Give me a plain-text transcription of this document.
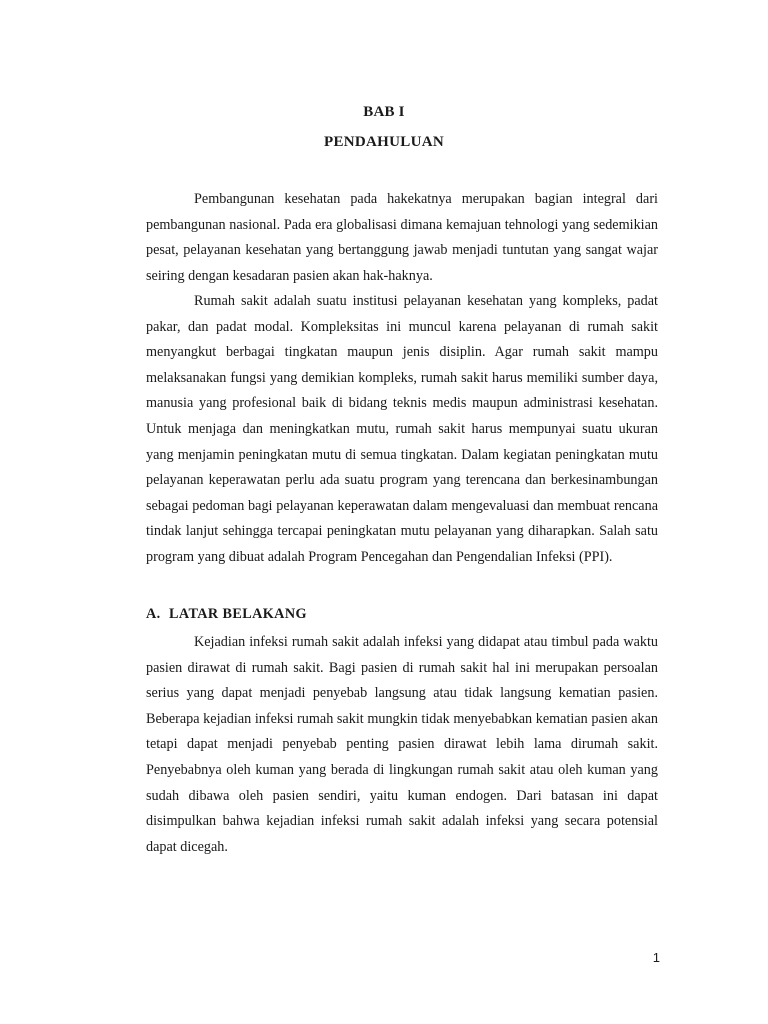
BAB I
PENDAHULUAN

Pembangunan kesehatan pada hakekatnya merupakan bagian integral dari pembangunan nasional. Pada era globalisasi dimana kemajuan tehnologi yang sedemikian pesat, pelayanan kesehatan yang bertanggung jawab menjadi tuntutan yang sangat wajar seiring dengan kesadaran pasien akan hak-haknya.

Rumah sakit adalah suatu institusi pelayanan kesehatan yang kompleks, padat pakar, dan padat modal. Kompleksitas ini muncul karena pelayanan di rumah sakit menyangkut berbagai tingkatan maupun jenis disiplin. Agar rumah sakit mampu melaksanakan fungsi yang demikian kompleks, rumah sakit harus memiliki sumber daya, manusia yang profesional baik di bidang teknis medis maupun administrasi kesehatan. Untuk menjaga dan meningkatkan mutu, rumah sakit harus mempunyai suatu ukuran yang menjamin peningkatan mutu di semua tingkatan. Dalam kegiatan peningkatan mutu pelayanan keperawatan perlu ada suatu program yang terencana dan berkesinambungan sebagai pedoman bagi pelayanan keperawatan dalam mengevaluasi dan membuat rencana tindak lanjut sehingga tercapai peningkatan mutu pelayanan yang diharapkan. Salah satu program yang dibuat adalah Program Pencegahan dan Pengendalian Infeksi (PPI).

A. LATAR BELAKANG

Kejadian infeksi rumah sakit adalah infeksi yang didapat atau timbul pada waktu pasien dirawat di rumah sakit. Bagi pasien di rumah sakit hal ini merupakan persoalan serius yang dapat menjadi penyebab langsung atau tidak langsung kematian pasien. Beberapa kejadian infeksi rumah sakit mungkin tidak menyebabkan kematian pasien akan tetapi dapat menjadi penyebab penting pasien dirawat lebih lama dirumah sakit. Penyebabnya oleh kuman yang berada di lingkungan rumah sakit atau oleh kuman yang sudah dibawa oleh pasien sendiri, yaitu kuman endogen. Dari batasan ini dapat disimpulkan bahwa kejadian infeksi rumah sakit adalah infeksi yang secara potensial dapat dicegah.

1
